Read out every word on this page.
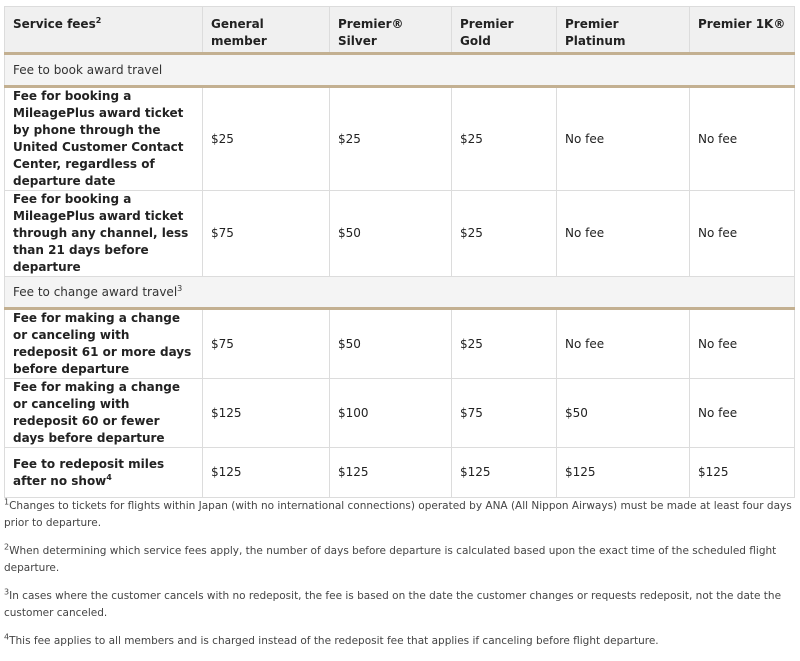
Service fees$^2$	General member	Premier® Silver	Premier Gold	Premier Platinum	Premier 1K®
Fee to book award travel					
Fee for booking a MileagePlus award ticket by phone through the United Customer Contact Center, regardless of departure date	$25	$25	$25	No fee	No fee
Fee for booking a MileagePlus award ticket through any channel, less than 21 days before departure	$75	$50	$25	No fee	No fee
Fee to change award travel$^3$
Fee for making a change or canceling with redeposit 61 or more days before departure	$75	$50	$25	No fee	No fee
Fee for making a change or canceling with redeposit 60 or fewer days before departure	$125	$100	$75	$50	No fee
Fee to redeposit miles after no show$^4$	$125	$125	$125	$125	$125

$^1$Changes to tickets for flights within Japan (with no international connections) operated by ANA (All Nippon Airways) must be made at least four days prior to departure.

$^2$When determining which service fees apply, the number of days before departure is calculated based upon the exact time of the scheduled flight departure.

$^3$In cases where the customer cancels with no redeposit, the fee is based on the date the customer changes or requests redeposit, not the date the customer canceled.

$^4$This fee applies to all members and is charged instead of the redeposit fee that applies if canceling before flight departure.
